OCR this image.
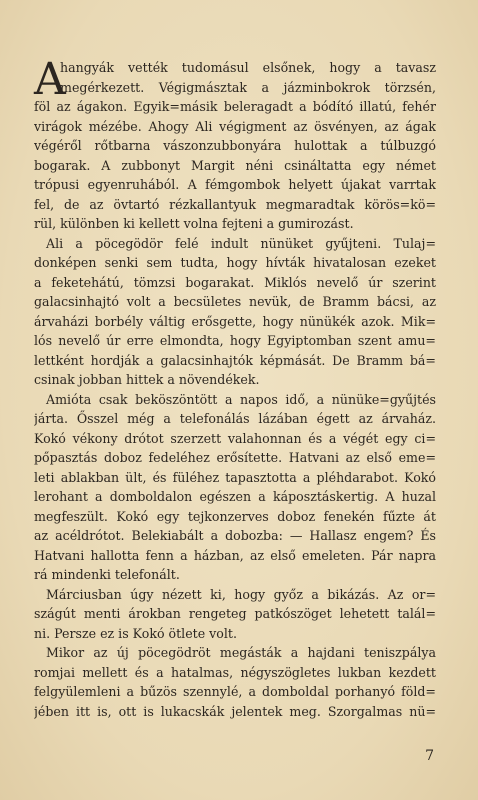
A
hangyák vették tudomásul elsőnek, hogy a tavasz
megérkezett. Végigmásztak a jázminbokrok törzsén,
föl az ágakon. Egyik=másik beleragadt a bódító illatú, fehér
virágok mézébe. Ahogy Ali végigment az ösvényen, az ágak
végéről rőtbarna vászonzubbonyára hulottak a túlbuzgó
bogarak. A zubbonyt Margit néni csináltatta egy német
trópusi egyenruhából. A fémgombok helyett újakat varrtak
fel, de az övtartó rézkallantyuk megmaradtak körös=kö=
rül, különben ki kellett volna fejteni a gumirozást.
Ali a pöcegödör felé indult nünüket gyűjteni. Tulaj=
donképen senki sem tudta, hogy hívták hivatalosan ezeket
a feketehátú, tömzsi bogarakat. Miklós nevelő úr szerint
galacsinhajtó volt a becsületes nevük, de Bramm bácsi, az
árvaházi borbély váltig erősgette, hogy nünükék azok. Mik=
lós nevelő úr erre elmondta, hogy Egyiptomban szent amu=
lettként hordják a galacsinhajtók képmását. De Bramm bá=
csinak jobban hittek a növendékek.
Amióta csak beköszöntött a napos idő, a nünüke=gyűjtés
járta. Ősszel még a telefonálás lázában égett az árvaház.
Kokó vékony drótot szerzett valahonnan és a végét egy ci=
pőpasztás doboz fedeléhez erősítette. Hatvani az első eme=
leti ablakban ült, és füléhez tapasztotta a pléhdarabot. Kokó
lerohant a domboldalon egészen a káposztáskertig. A huzal
megfeszült. Kokó egy tejkonzerves doboz fenekén fűzte át
az acéldrótot. Belekiabált a dobozba: — Hallasz engem? És
Hatvani hallotta fenn a házban, az első emeleten. Pár napra
rá mindenki telefonált.
Márciusban úgy nézett ki, hogy győz a bikázás. Az or=
szágút menti árokban rengeteg patkószöget lehetett talál=
ni. Persze ez is Kokó ötlete volt.
Mikor az új pöcegödröt megásták a hajdani teniszpálya
romjai mellett és a hatalmas, négyszögletes lukban kezdett
felgyülemleni a bűzös szennylé, a domboldal porhanyó föld=
jében itt is, ott is lukacskák jelentek meg. Szorgalmas nü=
7
